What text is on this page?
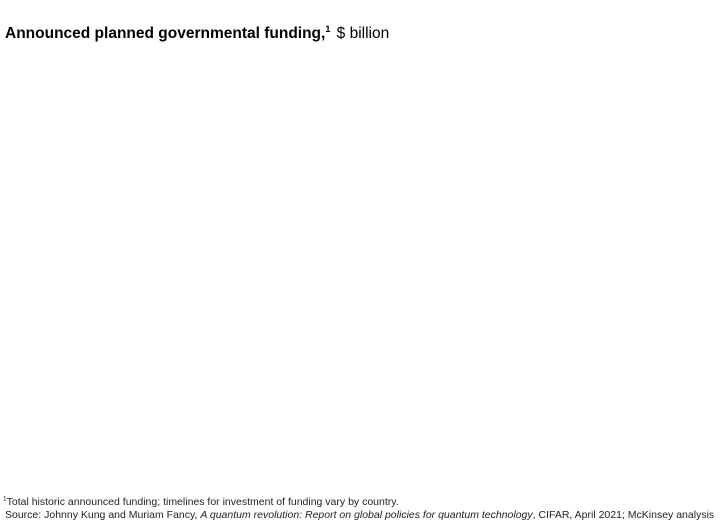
Announced planned governmental funding,$^1$ $ billion

$^1$Total historic announced funding; timelines for investment of funding vary by country.

Source: Johnny Kung and Muriam Fancy, A quantum revolution: Report on global policies for quantum technology, CIFAR, April 2021; McKinsey analysis
